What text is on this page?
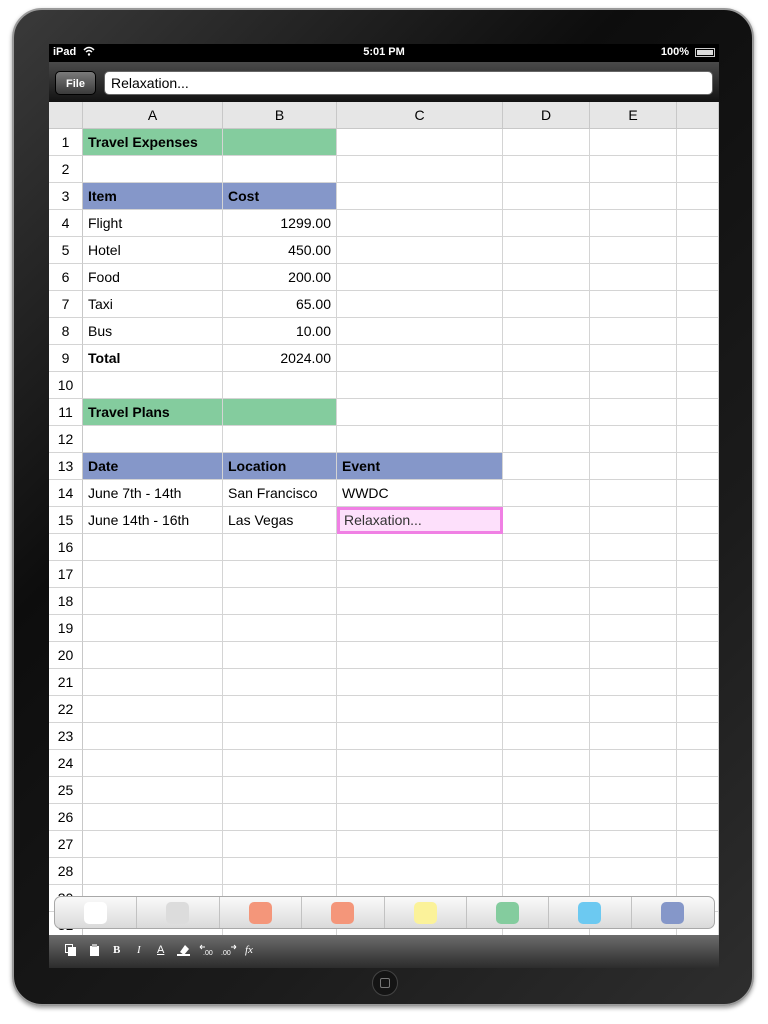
iPad	5:01 PM	100%
File	Relaxation...
A	B	C	D	E
1	Travel Expenses
2
3	Item	Cost
4	Flight	1299.00
5	Hotel	450.00
6	Food	200.00
7	Taxi	65.00
8	Bus	10.00
9	Total	2024.00
10
11	Travel Plans
12
13	Date	Location	Event
14	June 7th - 14th	San Francisco	WWDC
15	June 14th - 16th	Las Vegas	Relaxation...
16
17
18
19
20
21
22
23
24
25
26
27
28
B I A	.00 .00 fx
